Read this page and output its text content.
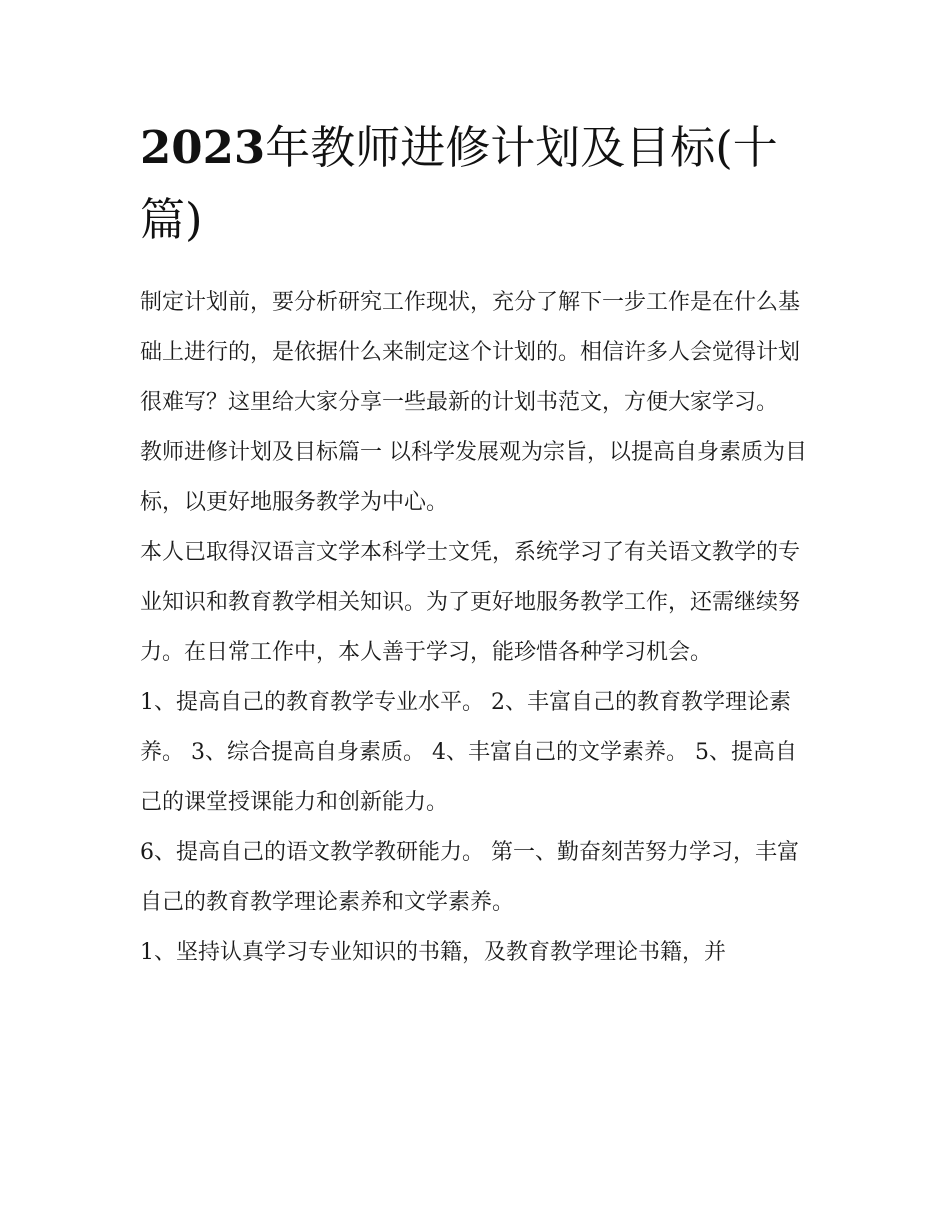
2023年教师进修计划及目标(十篇)

制定计划前，要分析研究工作现状，充分了解下一步工作是在什么基础上进行的，是依据什么来制定这个计划的。相信许多人会觉得计划很难写？这里给大家分享一些最新的计划书范文，方便大家学习。

教师进修计划及目标篇一 以科学发展观为宗旨，以提高自身素质为目标，以更好地服务教学为中心。

本人已取得汉语言文学本科学士文凭，系统学习了有关语文教学的专业知识和教育教学相关知识。为了更好地服务教学工作，还需继续努力。在日常工作中，本人善于学习，能珍惜各种学习机会。

1、提高自己的教育教学专业水平。 2、丰富自己的教育教学理论素养。 3、综合提高自身素质。 4、丰富自己的文学素养。 5、提高自己的课堂授课能力和创新能力。

6、提高自己的语文教学教研能力。 第一、勤奋刻苦努力学习，丰富自己的教育教学理论素养和文学素养。

1、坚持认真学习专业知识的书籍，及教育教学理论书籍，并
